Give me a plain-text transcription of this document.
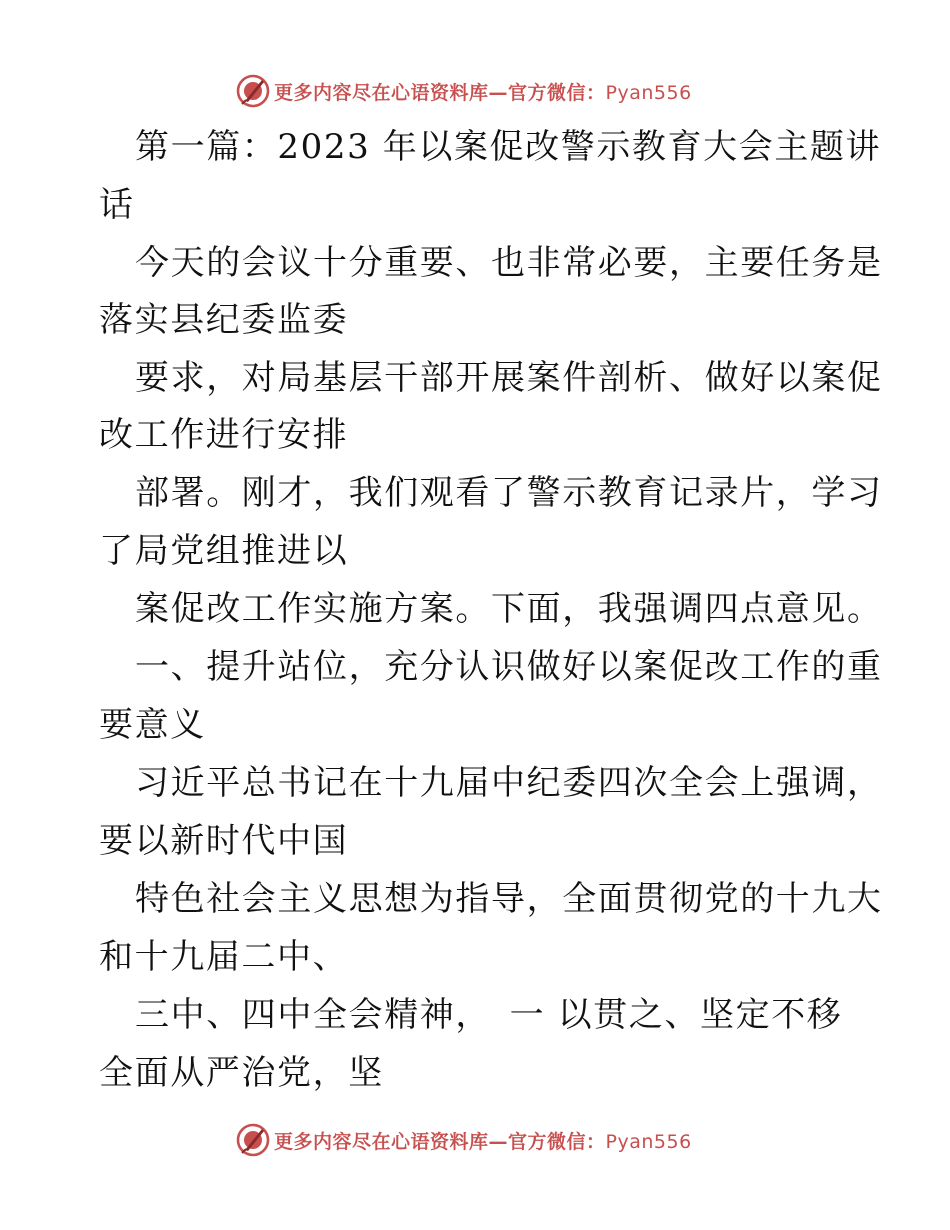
更多内容尽在心语资料库—官方微信：Pyan556
第一篇：2023 年以案促改警示教育大会主题讲
话
今天的会议十分重要、也非常必要，主要任务是
落实县纪委监委
要求，对局基层干部开展案件剖析、做好以案促
改工作进行安排
部署。刚才，我们观看了警示教育记录片，学习
了局党组推进以
案促改工作实施方案。下面，我强调四点意见。
一、提升站位，充分认识做好以案促改工作的重
要意义
习近平总书记在十九届中纪委四次全会上强调，
要以新时代中国
特色社会主义思想为指导，全面贯彻党的十九大
和十九届二中、
三中、四中全会精神，　一 以贯之、坚定不移
全面从严治党，坚
更多内容尽在心语资料库—官方微信：Pyan556
